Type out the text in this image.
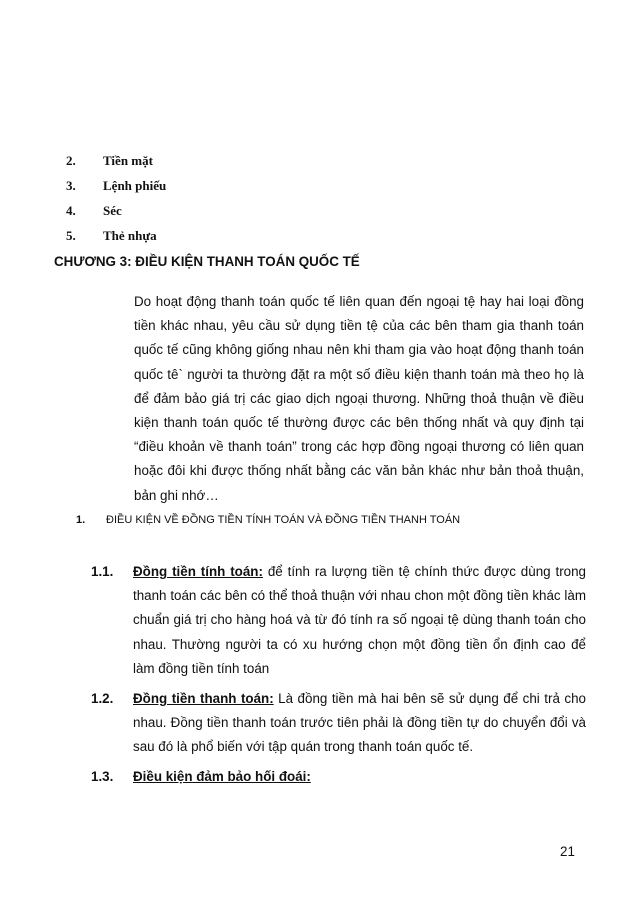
2. Tiền mặt
3. Lệnh phiếu
4. Séc
5. Thẻ nhựa
CHƯƠNG 3: ĐIỀU KIỆN THANH TOÁN QUỐC TẾ
Do hoạt động thanh toán quốc tế liên quan đến ngoại tệ hay hai loại đồng tiền khác nhau, yêu cầu sử dụng tiền tệ của các bên tham gia thanh toán quốc tế cũng không giống nhau nên khi tham gia vào hoạt động thanh toán quốc tê` người ta thường đặt ra một số điều kiện thanh toán mà theo họ là để đảm bảo giá trị các giao dịch ngoại thương. Những thoả thuận về điều kiện thanh toán quốc tế thường được các bên thống nhất và quy định tại “điều khoản về thanh toán” trong các hợp đồng ngoại thương có liên quan hoặc đôi khi được thống nhất bằng các văn bản khác như bản thoả thuận, bản ghi nhớ…
1. ĐIỀU KIỆN VỀ ĐỒNG TIỀN TÍNH TOÁN VÀ ĐỒNG TIỀN THANH TOÁN
1.1. Đồng tiền tính toán: để tính ra lượng tiền tệ chính thức được dùng trong thanh toán các bên có thể thoả thuận với nhau chon một đồng tiền khác làm chuẩn giá trị cho hàng hoá và từ đó tính ra số ngoại tệ dùng thanh toán cho nhau. Thường người ta có xu hướng chọn một đồng tiền ổn định cao để làm đồng tiền tính toán
1.2. Đồng tiền thanh toán: Là đồng tiền mà hai bên sẽ sử dụng để chi trả cho nhau. Đồng tiền thanh toán trước tiên phải là đồng tiền tự do chuyển đổi và sau đó là phổ biến với tập quán trong thanh toán quốc tế.
1.3. Điều kiện đảm bảo hối đoái:
21
